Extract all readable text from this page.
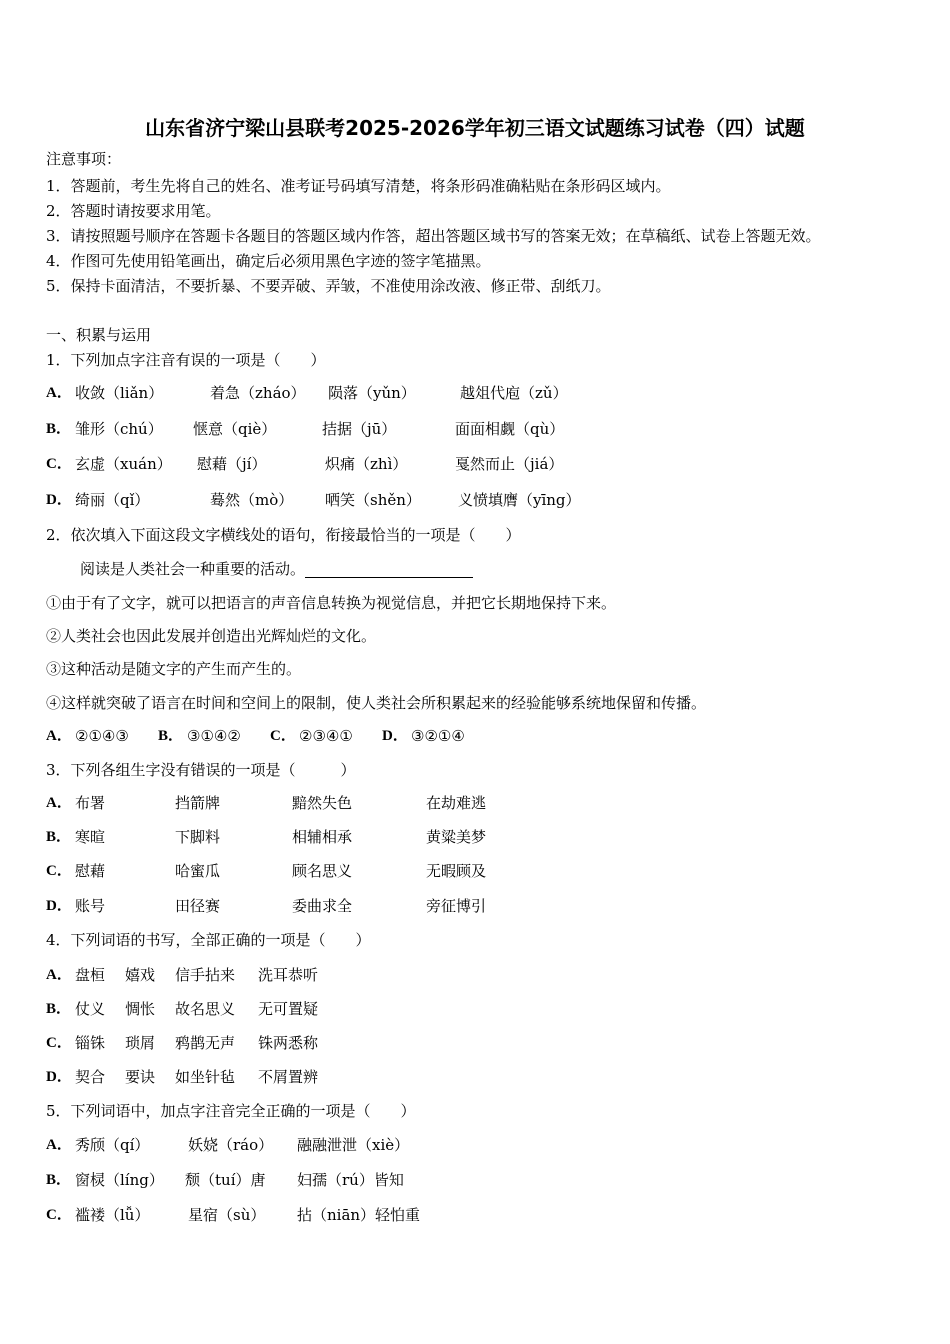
山东省济宁梁山县联考2025-2026学年初三语文试题练习试卷（四）试题
注意事项：
1．答题前，考生先将自己的姓名、准考证号码填写清楚，将条形码准确粘贴在条形码区域内。
2．答题时请按要求用笔。
3．请按照题号顺序在答题卡各题目的答题区域内作答，超出答题区域书写的答案无效；在草稿纸、试卷上答题无效。
4．作图可先使用铅笔画出，确定后必须用黑色字迹的签字笔描黑。
5．保持卡面清洁，不要折暴、不要弄破、弄皱，不准使用涂改液、修正带、刮纸刀。
一、积累与运用
1．下列加点字注音有误的一项是（　　）
A． 收敛（liǎn）	着急（zháo） 陨落（yǔn）	越俎代庖（zǔ）
B． 雏形（chú） 惬意（qiè）	拮据（jū）	面面相觑（qù）
C． 玄虚（xuán） 慰藉（jí）	炽痛（zhì）	戛然而止（jiá）
D． 绮丽（qǐ）	蓦然（mò） 哂笑（shěn） 义愤填膺（yīng）
2．依次填入下面这段文字横线处的语句，衔接最恰当的一项是（　　）
阅读是人类社会一种重要的活动。
①由于有了文字，就可以把语言的声音信息转换为视觉信息，并把它长期地保持下来。
②人类社会也因此发展并创造出光辉灿烂的文化。
③这种活动是随文字的产生而产生的。
④这样就突破了语言在时间和空间上的限制，使人类社会所积累起来的经验能够系统地保留和传播。
A． ②①④③ B． ③①④② C． ②③④① D． ③②①④
3．下列各组生字没有错误的一项是（　　　）
A． 布署	挡箭牌	黯然失色	在劫难逃
B． 寒暄	下脚料	相辅相承	黄粱美梦
C． 慰藉	哈蜜瓜	顾名思义	无暇顾及
D． 账号	田径赛	委曲求全	旁征博引
4．下列词语的书写，全部正确的一项是（　　）
A． 盘桓 嬉戏 信手拈来 洗耳恭听
B． 仗义 惆怅 故名思义 无可置疑
C． 锱铢 琐屑 鸦鹊无声 铢两悉称
D． 契合 要诀 如坐针毡 不屑置辨
5．下列词语中，加点字注音完全正确的一项是（　　）
A． 秀颀（qí）	妖娆（ráo） 融融泄泄（xiè）
B． 窗棂（líng） 颓（tuí）唐 妇孺（rú）皆知
C． 褴褛（lǚ）	星宿（sù） 拈（niān）轻怕重
